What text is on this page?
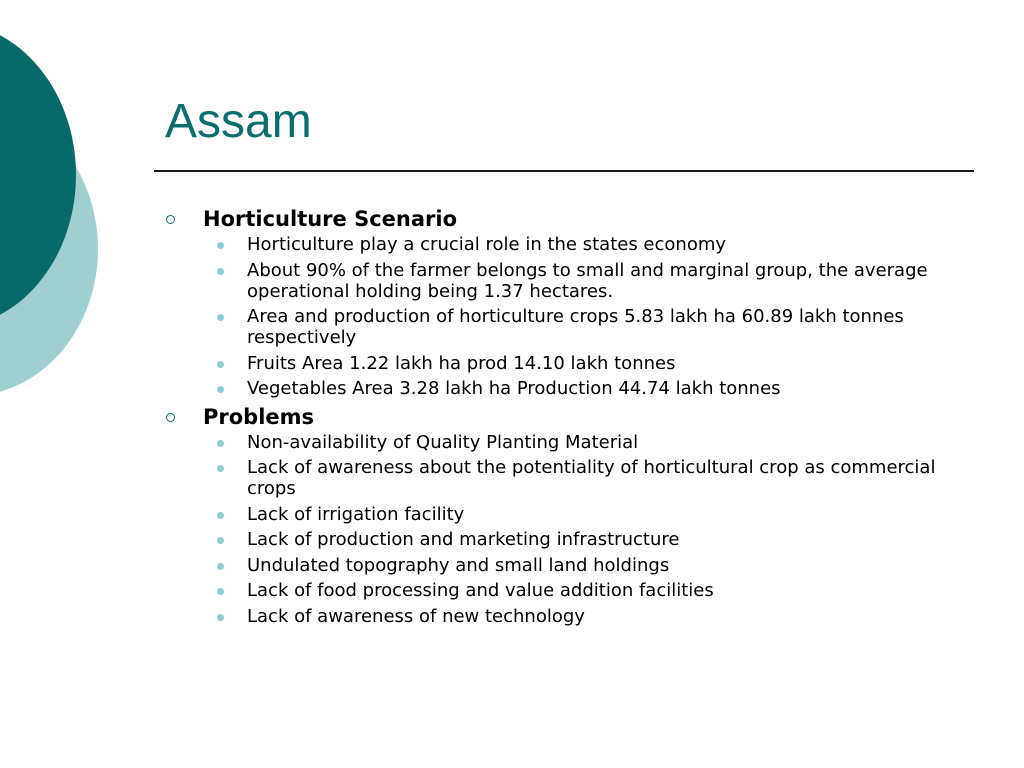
Assam
Horticulture Scenario
Horticulture play a crucial role in the states economy
About 90% of the farmer belongs to small and marginal group, the average operational holding being 1.37 hectares.
Area and production of horticulture crops 5.83 lakh ha 60.89 lakh tonnes respectively
Fruits Area 1.22 lakh ha prod 14.10 lakh tonnes
Vegetables Area 3.28 lakh ha Production 44.74 lakh tonnes
Problems
Non-availability of Quality Planting Material
Lack of awareness about the potentiality of horticultural crop as commercial crops
Lack of irrigation facility
Lack of production and marketing infrastructure
Undulated topography and small land holdings
Lack of food processing and value addition facilities
Lack of awareness of new technology
